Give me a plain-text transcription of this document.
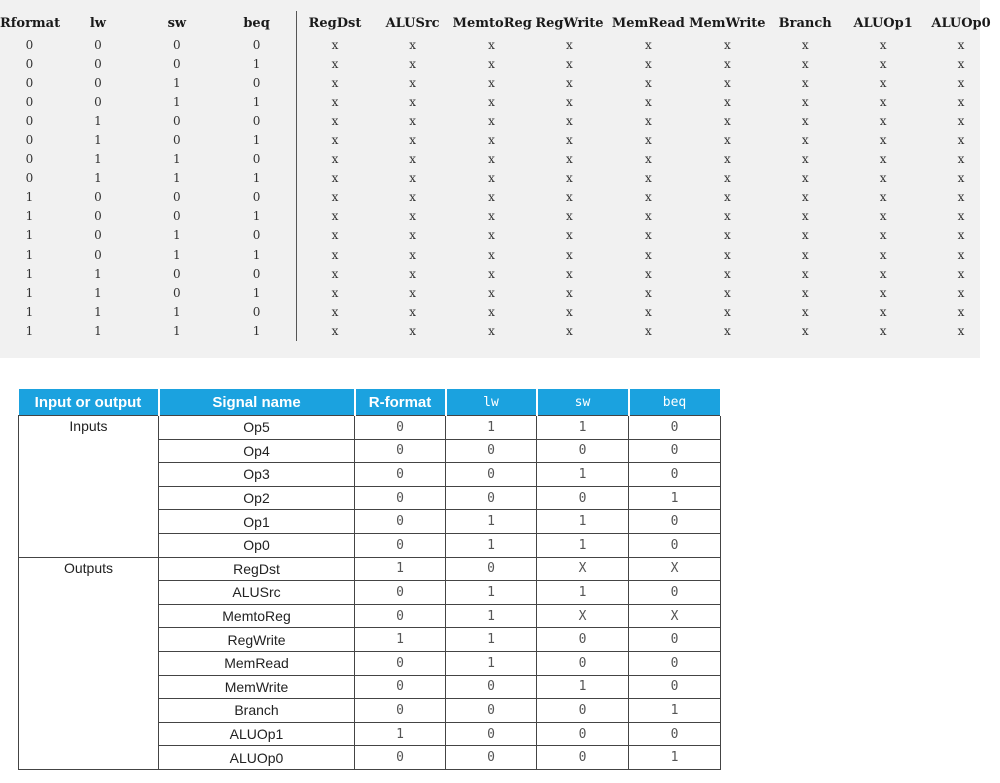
Rformat	lw	sw	beq	RegDst	ALUSrc	MemtoReg	RegWrite	MemRead	MemWrite	Branch	ALUOp1	ALUOp0
0	0	0	0	x	x	x	x	x	x	x	x	x
0	0	0	1	x	x	x	x	x	x	x	x	x
0	0	1	0	x	x	x	x	x	x	x	x	x
0	0	1	1	x	x	x	x	x	x	x	x	x
0	1	0	0	x	x	x	x	x	x	x	x	x
0	1	0	1	x	x	x	x	x	x	x	x	x
0	1	1	0	x	x	x	x	x	x	x	x	x
0	1	1	1	x	x	x	x	x	x	x	x	x
1	0	0	0	x	x	x	x	x	x	x	x	x
1	0	0	1	x	x	x	x	x	x	x	x	x
1	0	1	0	x	x	x	x	x	x	x	x	x
1	0	1	1	x	x	x	x	x	x	x	x	x
1	1	0	0	x	x	x	x	x	x	x	x	x
1	1	0	1	x	x	x	x	x	x	x	x	x
1	1	1	0	x	x	x	x	x	x	x	x	x
1	1	1	1	x	x	x	x	x	x	x	x	x
Input or output	Signal name	R-format	lw	sw	beq
Inputs	Op5	0	1	1	0
	Op4	0	0	0	0
	Op3	0	0	1	0
	Op2	0	0	0	1
	Op1	0	1	1	0
	Op0	0	1	1	0
Outputs	RegDst	1	0	X	X
	ALUSrc	0	1	1	0
	MemtoReg	0	1	X	X
	RegWrite	1	1	0	0
	MemRead	0	1	0	0
	MemWrite	0	0	1	0
	Branch	0	0	0	1
	ALUOp1	1	0	0	0
	ALUOp0	0	0	0	1
